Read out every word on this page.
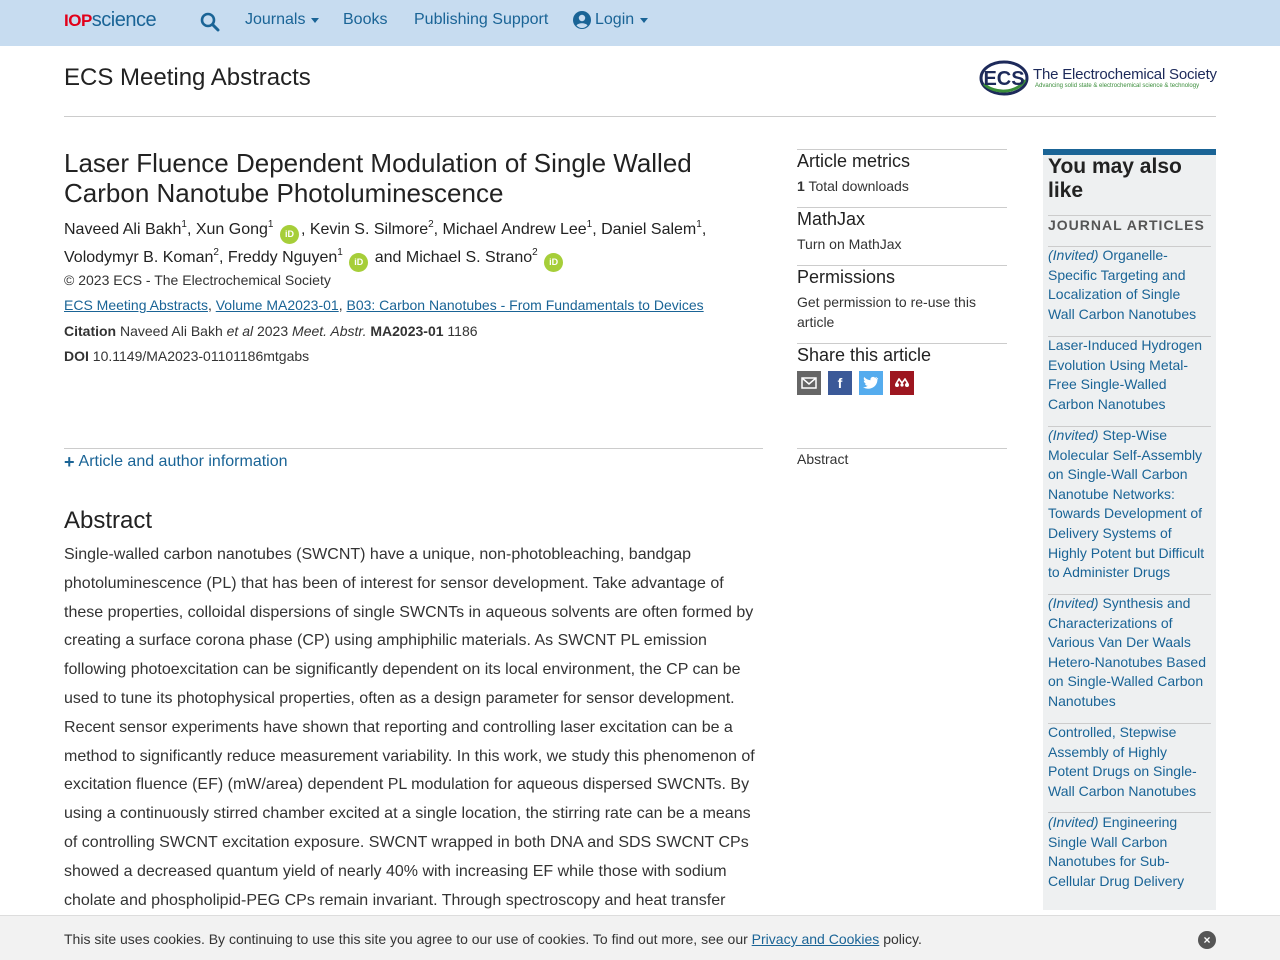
IOP science	Journals Books Publishing Support	Login
ECS Meeting Abstracts	ECS The Electrochemical Society
Advancing solid state & electrochemical science & technology
Laser Fluence Dependent Modulation of Single Walled Carbon Nanotube Photoluminescence
Naveed Ali Bakh$^1$, Xun Gong$^1$ iD , Kevin S. Silmore$^2$, Michael Andrew Lee$^1$, Daniel Salem$^1$, Volodymyr B. Koman$^2$, Freddy Nguyen$^1$ iD and Michael S. Strano$^2$ iD
© 2023 ECS - The Electrochemical Society
ECS Meeting Abstracts, Volume MA2023-01, B03: Carbon Nanotubes - From Fundamentals to Devices
Citation Naveed Ali Bakh et al 2023 Meet. Abstr. MA2023-01 1186
DOI 10.1149/MA2023-01101186mtgabs
+ Article and author information
Abstract

Single-walled carbon nanotubes (SWCNT) have a unique, non-photobleaching, bandgap photoluminescence (PL) that has been of interest for sensor development. Take advantage of these properties, colloidal dispersions of single SWCNTs in aqueous solvents are often formed by creating a surface corona phase (CP) using amphiphilic materials. As SWCNT PL emission following photoexcitation can be significantly dependent on its local environment, the CP can be used to tune its photophysical properties, often as a design parameter for sensor development. Recent sensor experiments have shown that reporting and controlling laser excitation can be a method to significantly reduce measurement variability. In this work, we study this phenomenon of excitation fluence (EF) (mW/area) dependent PL modulation for aqueous dispersed SWCNTs. By using a continuously stirred chamber excited at a single location, the stirring rate can be a means of controlling SWCNT excitation exposure. SWCNT wrapped in both DNA and SDS SWCNT CPs showed a decreased quantum yield of nearly 40% with increasing EF while those with sodium cholate and phospholipid-PEG CPs remain invariant. Through spectroscopy and heat transfer

Article metrics
1 Total downloads
MathJax
Turn on MathJax
Permissions
Get permission to re-use this article
Share this article
f
Abstract
You may also like
JOURNAL ARTICLES
(Invited) Organelle-Specific Targeting and Localization of Single Wall Carbon Nanotubes
Laser-Induced Hydrogen Evolution Using Metal-Free Single-Walled Carbon Nanotubes
(Invited) Step-Wise Molecular Self-Assembly on Single-Wall Carbon Nanotube Networks: Towards Development of Delivery Systems of Highly Potent but Difficult to Administer Drugs
(Invited) Synthesis and Characterizations of Various Van Der Waals Hetero-Nanotubes Based on Single-Walled Carbon Nanotubes
Controlled, Stepwise Assembly of Highly Potent Drugs on Single-Wall Carbon Nanotubes
(Invited) Engineering Single Wall Carbon Nanotubes for Sub-Cellular Drug Delivery
This site uses cookies. By continuing to use this site you agree to our use of cookies. To find out more, see our Privacy and Cookies policy.	×
